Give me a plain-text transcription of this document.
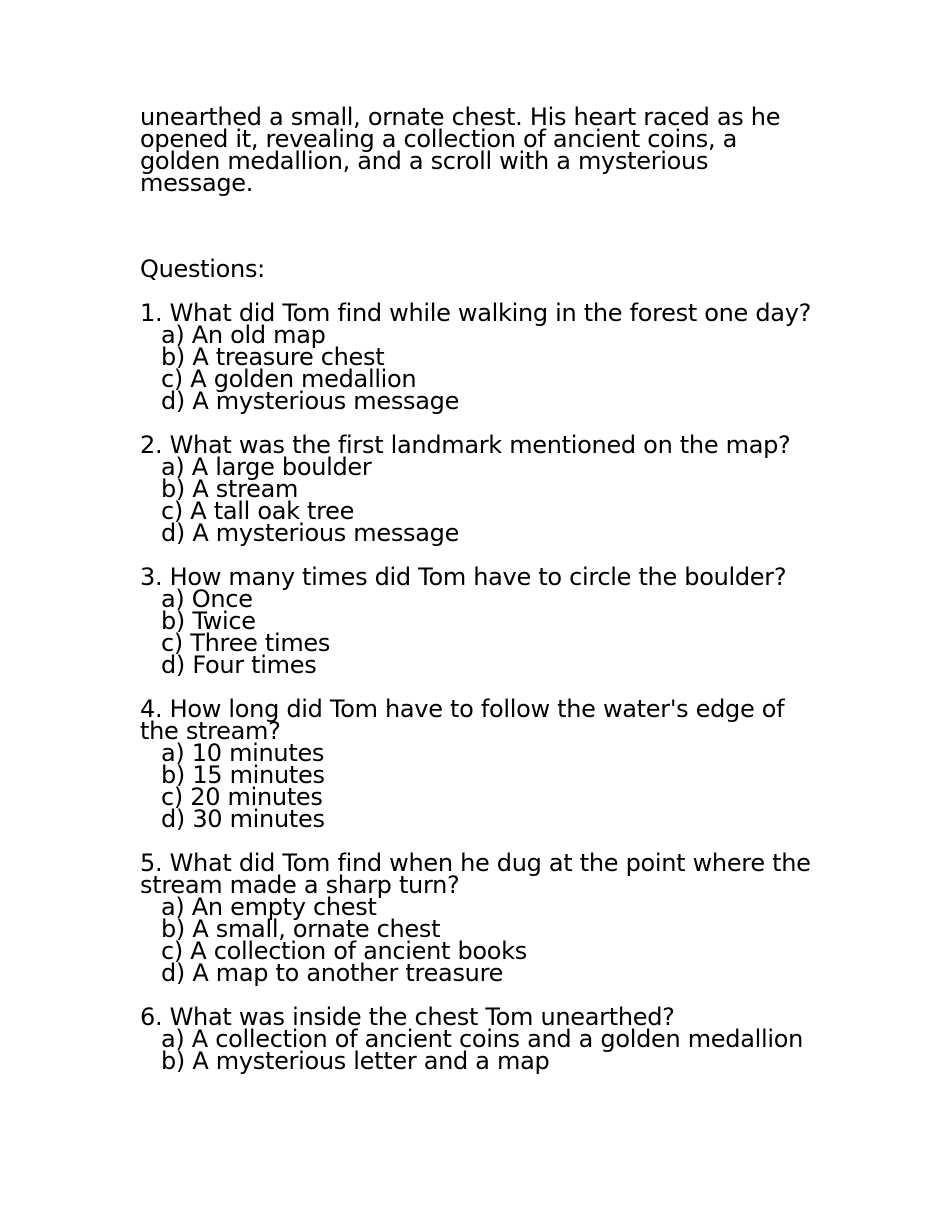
unearthed a small, ornate chest. His heart raced as he opened it, revealing a collection of ancient coins, a golden medallion, and a scroll with a mysterious message.

Questions:
1. What did Tom find while walking in the forest one day?
a) An old map
b) A treasure chest
c) A golden medallion
d) A mysterious message
2. What was the first landmark mentioned on the map?
a) A large boulder
b) A stream
c) A tall oak tree
d) A mysterious message
3. How many times did Tom have to circle the boulder?
a) Once
b) Twice
c) Three times
d) Four times
4. How long did Tom have to follow the water's edge of the stream?
a) 10 minutes
b) 15 minutes
c) 20 minutes
d) 30 minutes
5. What did Tom find when he dug at the point where the stream made a sharp turn?
a) An empty chest
b) A small, ornate chest
c) A collection of ancient books
d) A map to another treasure
6. What was inside the chest Tom unearthed?
a) A collection of ancient coins and a golden medallion
b) A mysterious letter and a map
